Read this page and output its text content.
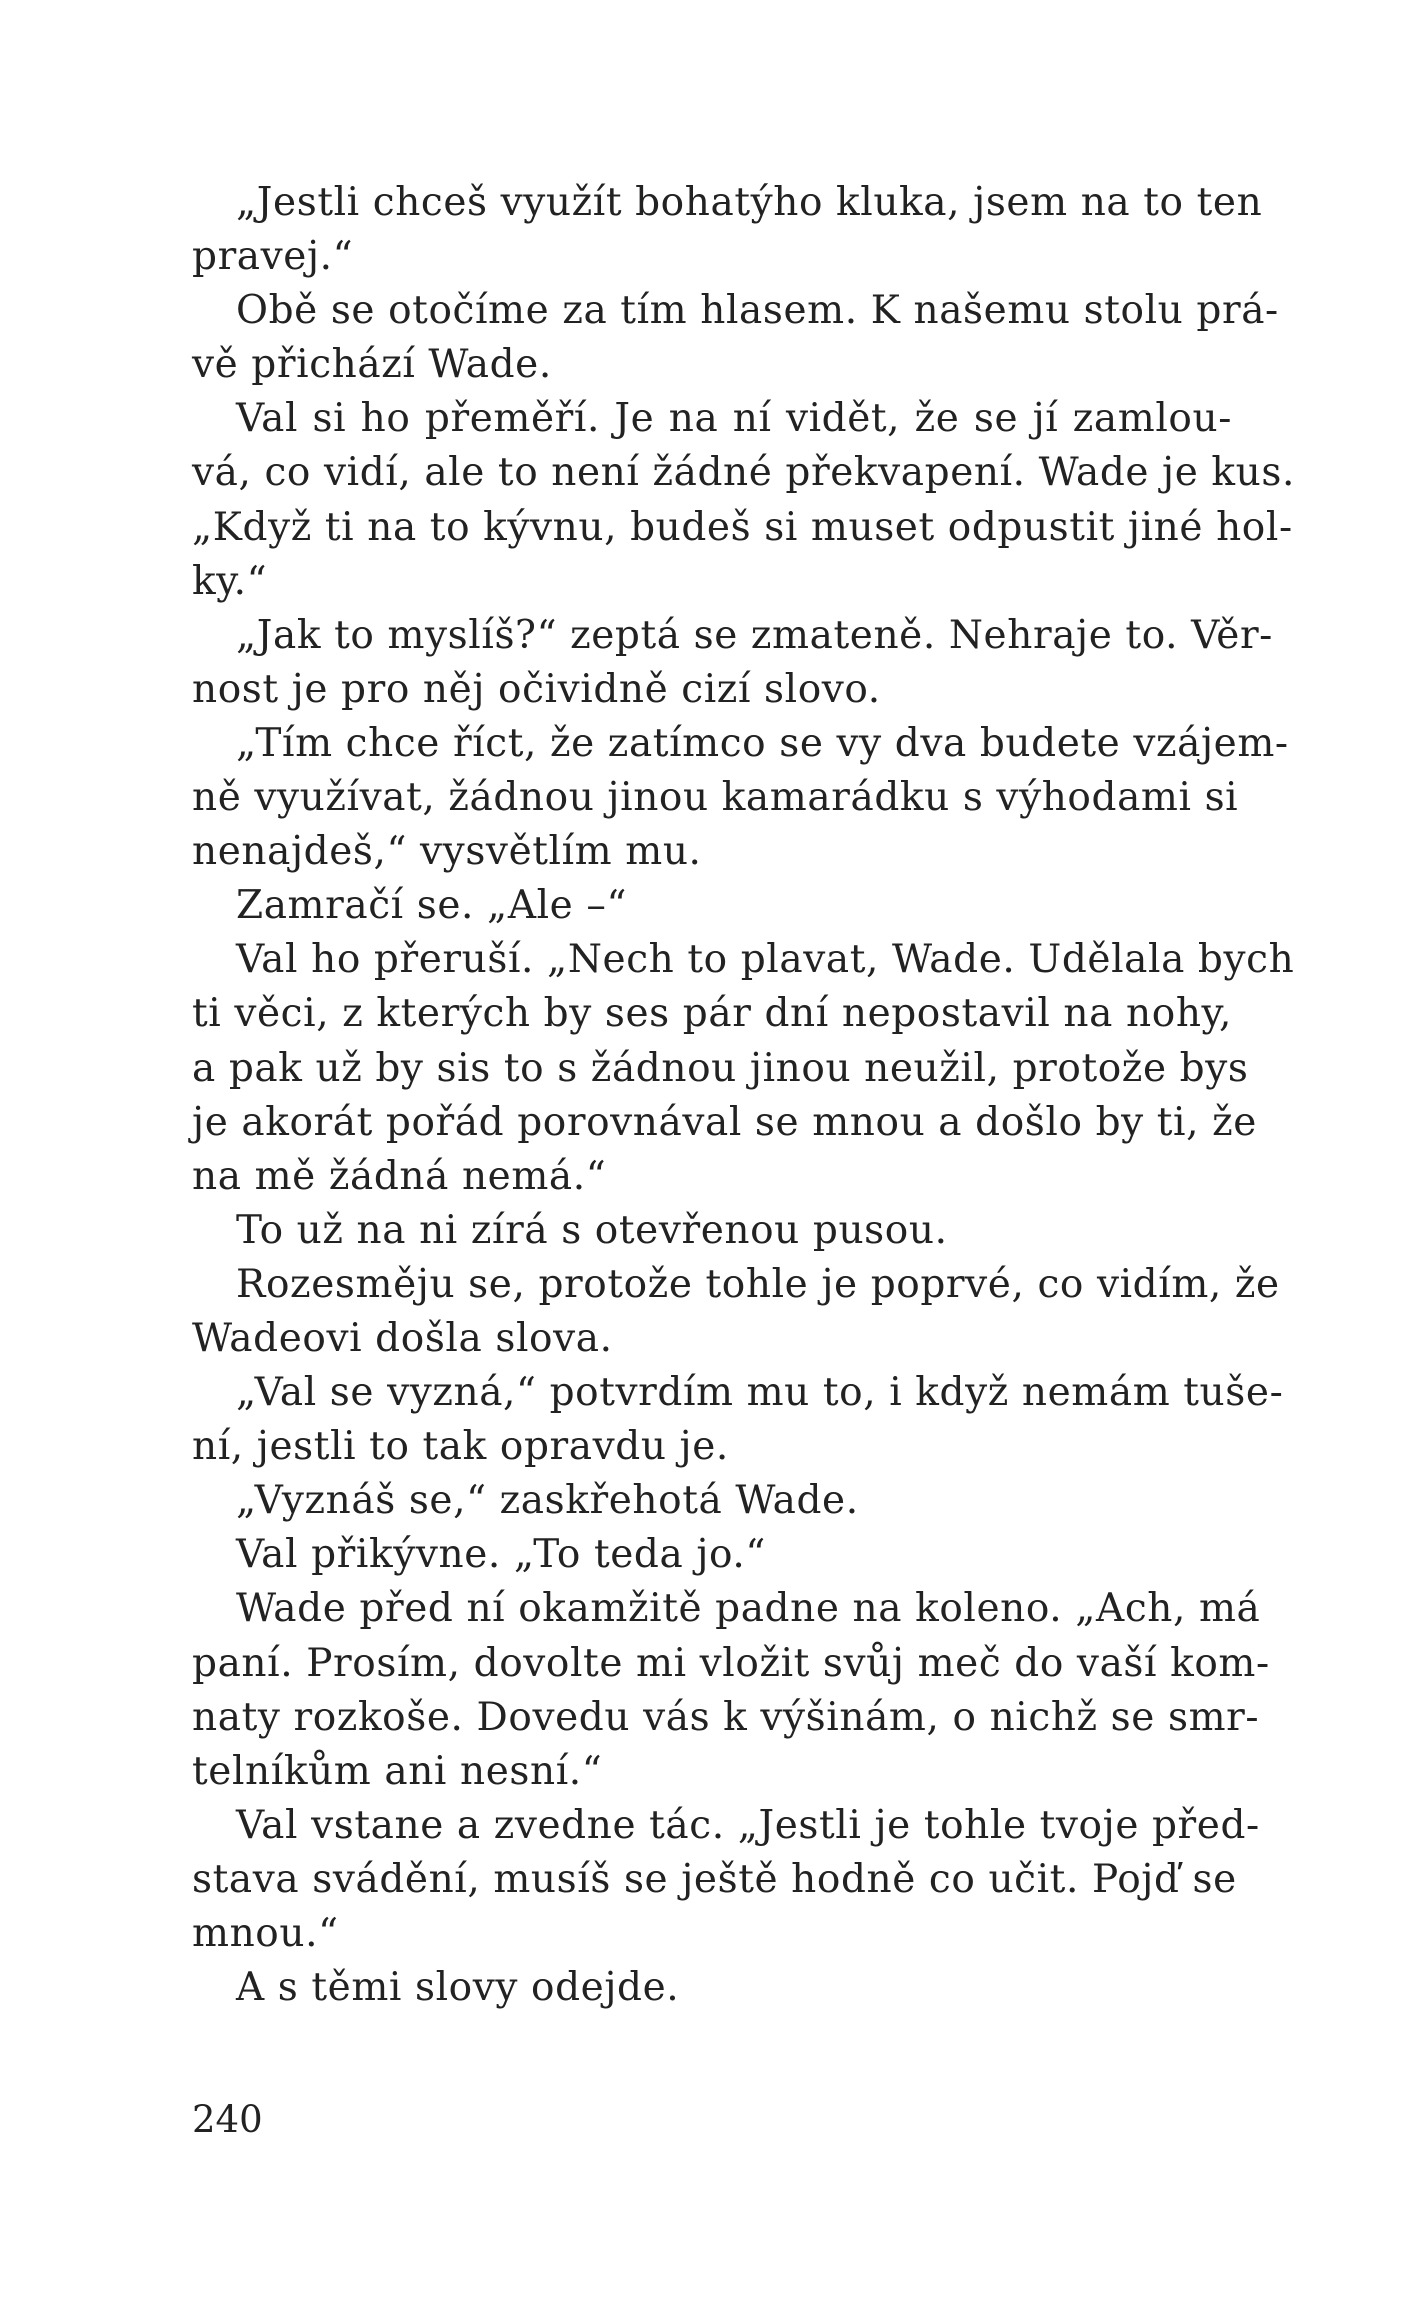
„Jestli chceš využít bohatýho kluka, jsem na to ten
pravej.“
Obě se otočíme za tím hlasem. K našemu stolu prá-
vě přichází Wade.
Val si ho přeměří. Je na ní vidět, že se jí zamlou-
vá, co vidí, ale to není žádné překvapení. Wade je kus.
„Když ti na to kývnu, budeš si muset odpustit jiné hol-
ky.“
„Jak to myslíš?“ zeptá se zmateně. Nehraje to. Věr-
nost je pro něj očividně cizí slovo.
„Tím chce říct, že zatímco se vy dva budete vzájem-
ně využívat, žádnou jinou kamarádku s výhodami si
nenajdeš,“ vysvětlím mu.
Zamračí se. „Ale –“
Val ho přeruší. „Nech to plavat, Wade. Udělala bych
ti věci, z kterých by ses pár dní nepostavil na nohy,
a pak už by sis to s žádnou jinou neužil, protože bys
je akorát pořád porovnával se mnou a došlo by ti, že
na mě žádná nemá.“
To už na ni zírá s otevřenou pusou.
Rozesměju se, protože tohle je poprvé, co vidím, že
Wadeovi došla slova.
„Val se vyzná,“ potvrdím mu to, i když nemám tuše-
ní, jestli to tak opravdu je.
„Vyznáš se,“ zaskřehotá Wade.
Val přikývne. „To teda jo.“
Wade před ní okamžitě padne na koleno. „Ach, má
paní. Prosím, dovolte mi vložit svůj meč do vaší kom-
naty rozkoše. Dovedu vás k výšinám, o nichž se smr-
telníkům ani nesní.“
Val vstane a zvedne tác. „Jestli je tohle tvoje před-
stava svádění, musíš se ještě hodně co učit. Pojď se
mnou.“
A s těmi slovy odejde.
240
